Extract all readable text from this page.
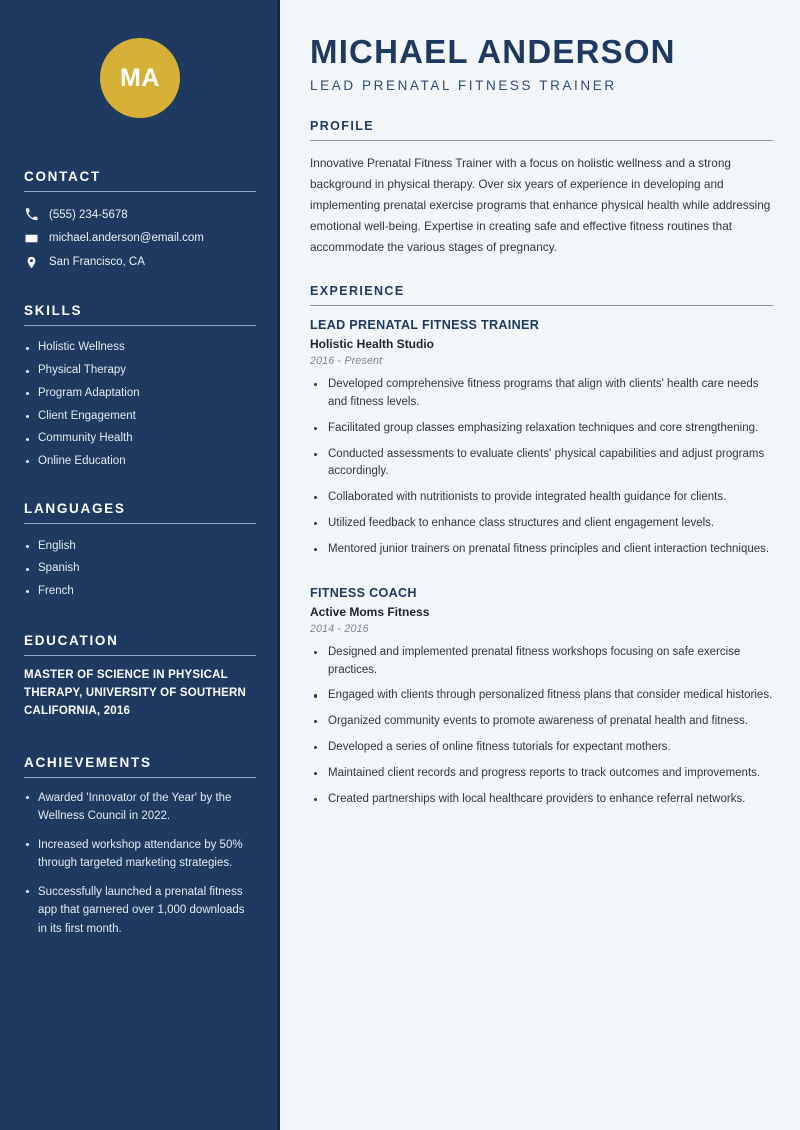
MA
CONTACT
(555) 234-5678
michael.anderson@email.com
San Francisco, CA
SKILLS
Holistic Wellness
Physical Therapy
Program Adaptation
Client Engagement
Community Health
Online Education
LANGUAGES
English
Spanish
French
EDUCATION
MASTER OF SCIENCE IN PHYSICAL THERAPY, UNIVERSITY OF SOUTHERN CALIFORNIA, 2016
ACHIEVEMENTS
Awarded 'Innovator of the Year' by the Wellness Council in 2022.
Increased workshop attendance by 50% through targeted marketing strategies.
Successfully launched a prenatal fitness app that garnered over 1,000 downloads in its first month.
MICHAEL ANDERSON
LEAD PRENATAL FITNESS TRAINER
PROFILE

Innovative Prenatal Fitness Trainer with a focus on holistic wellness and a strong background in physical therapy. Over six years of experience in developing and implementing prenatal exercise programs that enhance physical health while addressing emotional well-being. Expertise in creating safe and effective fitness routines that accommodate the various stages of pregnancy.

EXPERIENCE
LEAD PRENATAL FITNESS TRAINER
Holistic Health Studio
2016 - Present
Developed comprehensive fitness programs that align with clients' health care needs and fitness levels.
Facilitated group classes emphasizing relaxation techniques and core strengthening.
Conducted assessments to evaluate clients' physical capabilities and adjust programs accordingly.
Collaborated with nutritionists to provide integrated health guidance for clients.
Utilized feedback to enhance class structures and client engagement levels.
Mentored junior trainers on prenatal fitness principles and client interaction techniques.
FITNESS COACH
Active Moms Fitness
2014 - 2016
Designed and implemented prenatal fitness workshops focusing on safe exercise practices.
Engaged with clients through personalized fitness plans that consider medical histories.
Organized community events to promote awareness of prenatal health and fitness.
Developed a series of online fitness tutorials for expectant mothers.
Maintained client records and progress reports to track outcomes and improvements.
Created partnerships with local healthcare providers to enhance referral networks.
